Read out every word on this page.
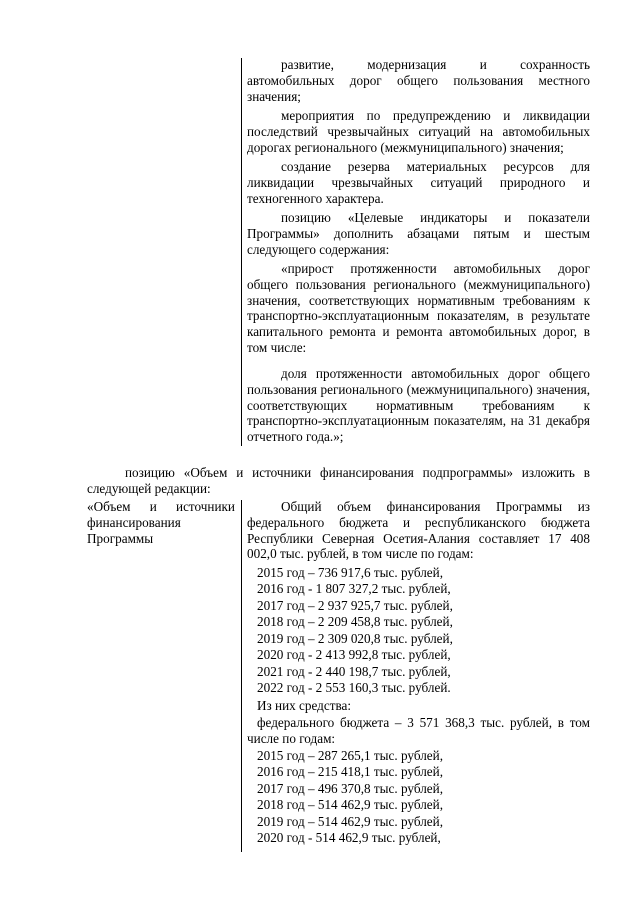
развитие, модернизация и сохранность автомобильных дорог общего пользования местного значения;

мероприятия по предупреждению и ликвидации последствий чрезвычайных ситуаций на автомобильных дорогах регионального (межмуниципального) значения;

создание резерва материальных ресурсов для ликвидации чрезвычайных ситуаций природного и техногенного характера.

позицию «Целевые индикаторы и показатели Программы» дополнить абзацами пятым и шестым следующего содержания:

«прирост протяженности автомобильных дорог общего пользования регионального (межмуниципального) значения, соответствующих нормативным требованиям к транспортно-эксплуатационным показателям, в результате капитального ремонта и ремонта автомобильных дорог, в том числе:

доля протяженности автомобильных дорог общего пользования регионального (межмуниципального) значения, соответствующих нормативным требованиям к транспортно-эксплуатационным показателям, на 31 декабря отчетного года.»;

позицию «Объем и источники финансирования подпрограммы» изложить в следующей редакции:

«Объем и источники финансирования Программы

Общий объем финансирования Программы из федерального бюджета и республиканского бюджета Республики Северная Осетия-Алания составляет 17 408 002,0 тыс. рублей, в том числе по годам:

2015 год – 736 917,6 тыс. рублей,
2016 год - 1 807 327,2 тыс. рублей,
2017 год – 2 937 925,7 тыс. рублей,
2018 год – 2 209 458,8 тыс. рублей,
2019 год – 2 309 020,8 тыс. рублей,
2020 год - 2 413 992,8 тыс. рублей,
2021 год - 2 440 198,7 тыс. рублей,
2022 год - 2 553 160,3 тыс. рублей.

Из них средства:

федерального бюджета – 3 571 368,3 тыс. рублей, в том числе по годам:

2015 год – 287 265,1 тыс. рублей,
2016 год – 215 418,1 тыс. рублей,
2017 год – 496 370,8 тыс. рублей,
2018 год – 514 462,9 тыс. рублей,
2019 год – 514 462,9 тыс. рублей,
2020 год - 514 462,9 тыс. рублей,
